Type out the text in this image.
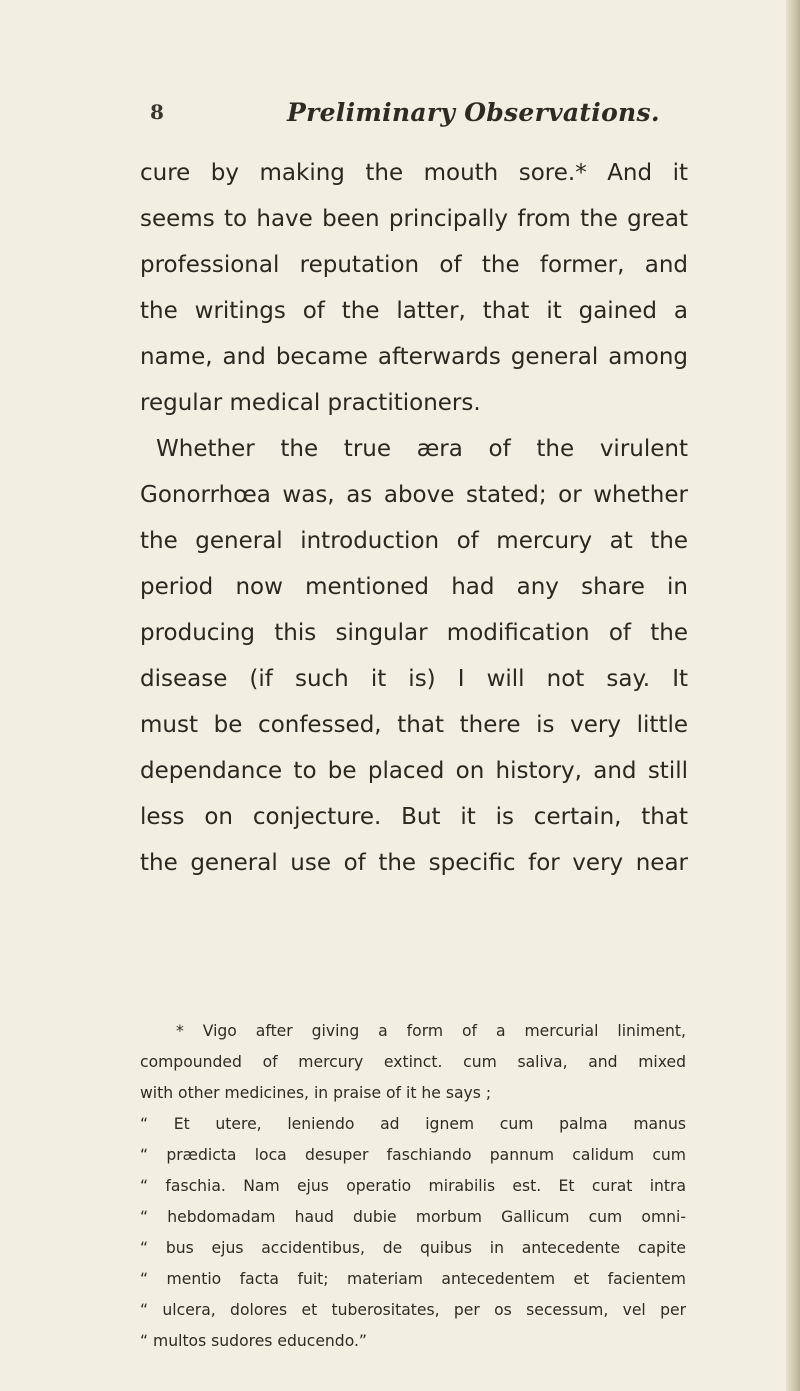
8	Preliminary Observations.
cure by making the mouth sore.* And it
seems to have been principally from the great
professional reputation of the former, and
the writings of the latter, that it gained a
name, and became afterwards general among
regular medical practitioners.
Whether the true æra of the virulent
Gonorrhœa was, as above stated; or whether
the general introduction of mercury at the
period now mentioned had any share in
producing this singular modification of the
disease (if such it is) I will not say. It
must be confessed, that there is very little
dependance to be placed on history, and still
less on conjecture. But it is certain, that
the general use of the specific for very near
* Vigo after giving a form of a mercurial liniment,
compounded of mercury extinct. cum saliva, and mixed
with other medicines, in praise of it he says ;
“ Et utere, leniendo ad ignem cum palma manus
“ prædicta loca desuper faschiando pannum calidum cum
“ faschia. Nam ejus operatio mirabilis est. Et curat intra
“ hebdomadam haud dubie morbum Gallicum cum omni-
“ bus ejus accidentibus, de quibus in antecedente capite
“ mentio facta fuit; materiam antecedentem et facientem
“ ulcera, dolores et tuberositates, per os secessum, vel per
“ multos sudores educendo.”
